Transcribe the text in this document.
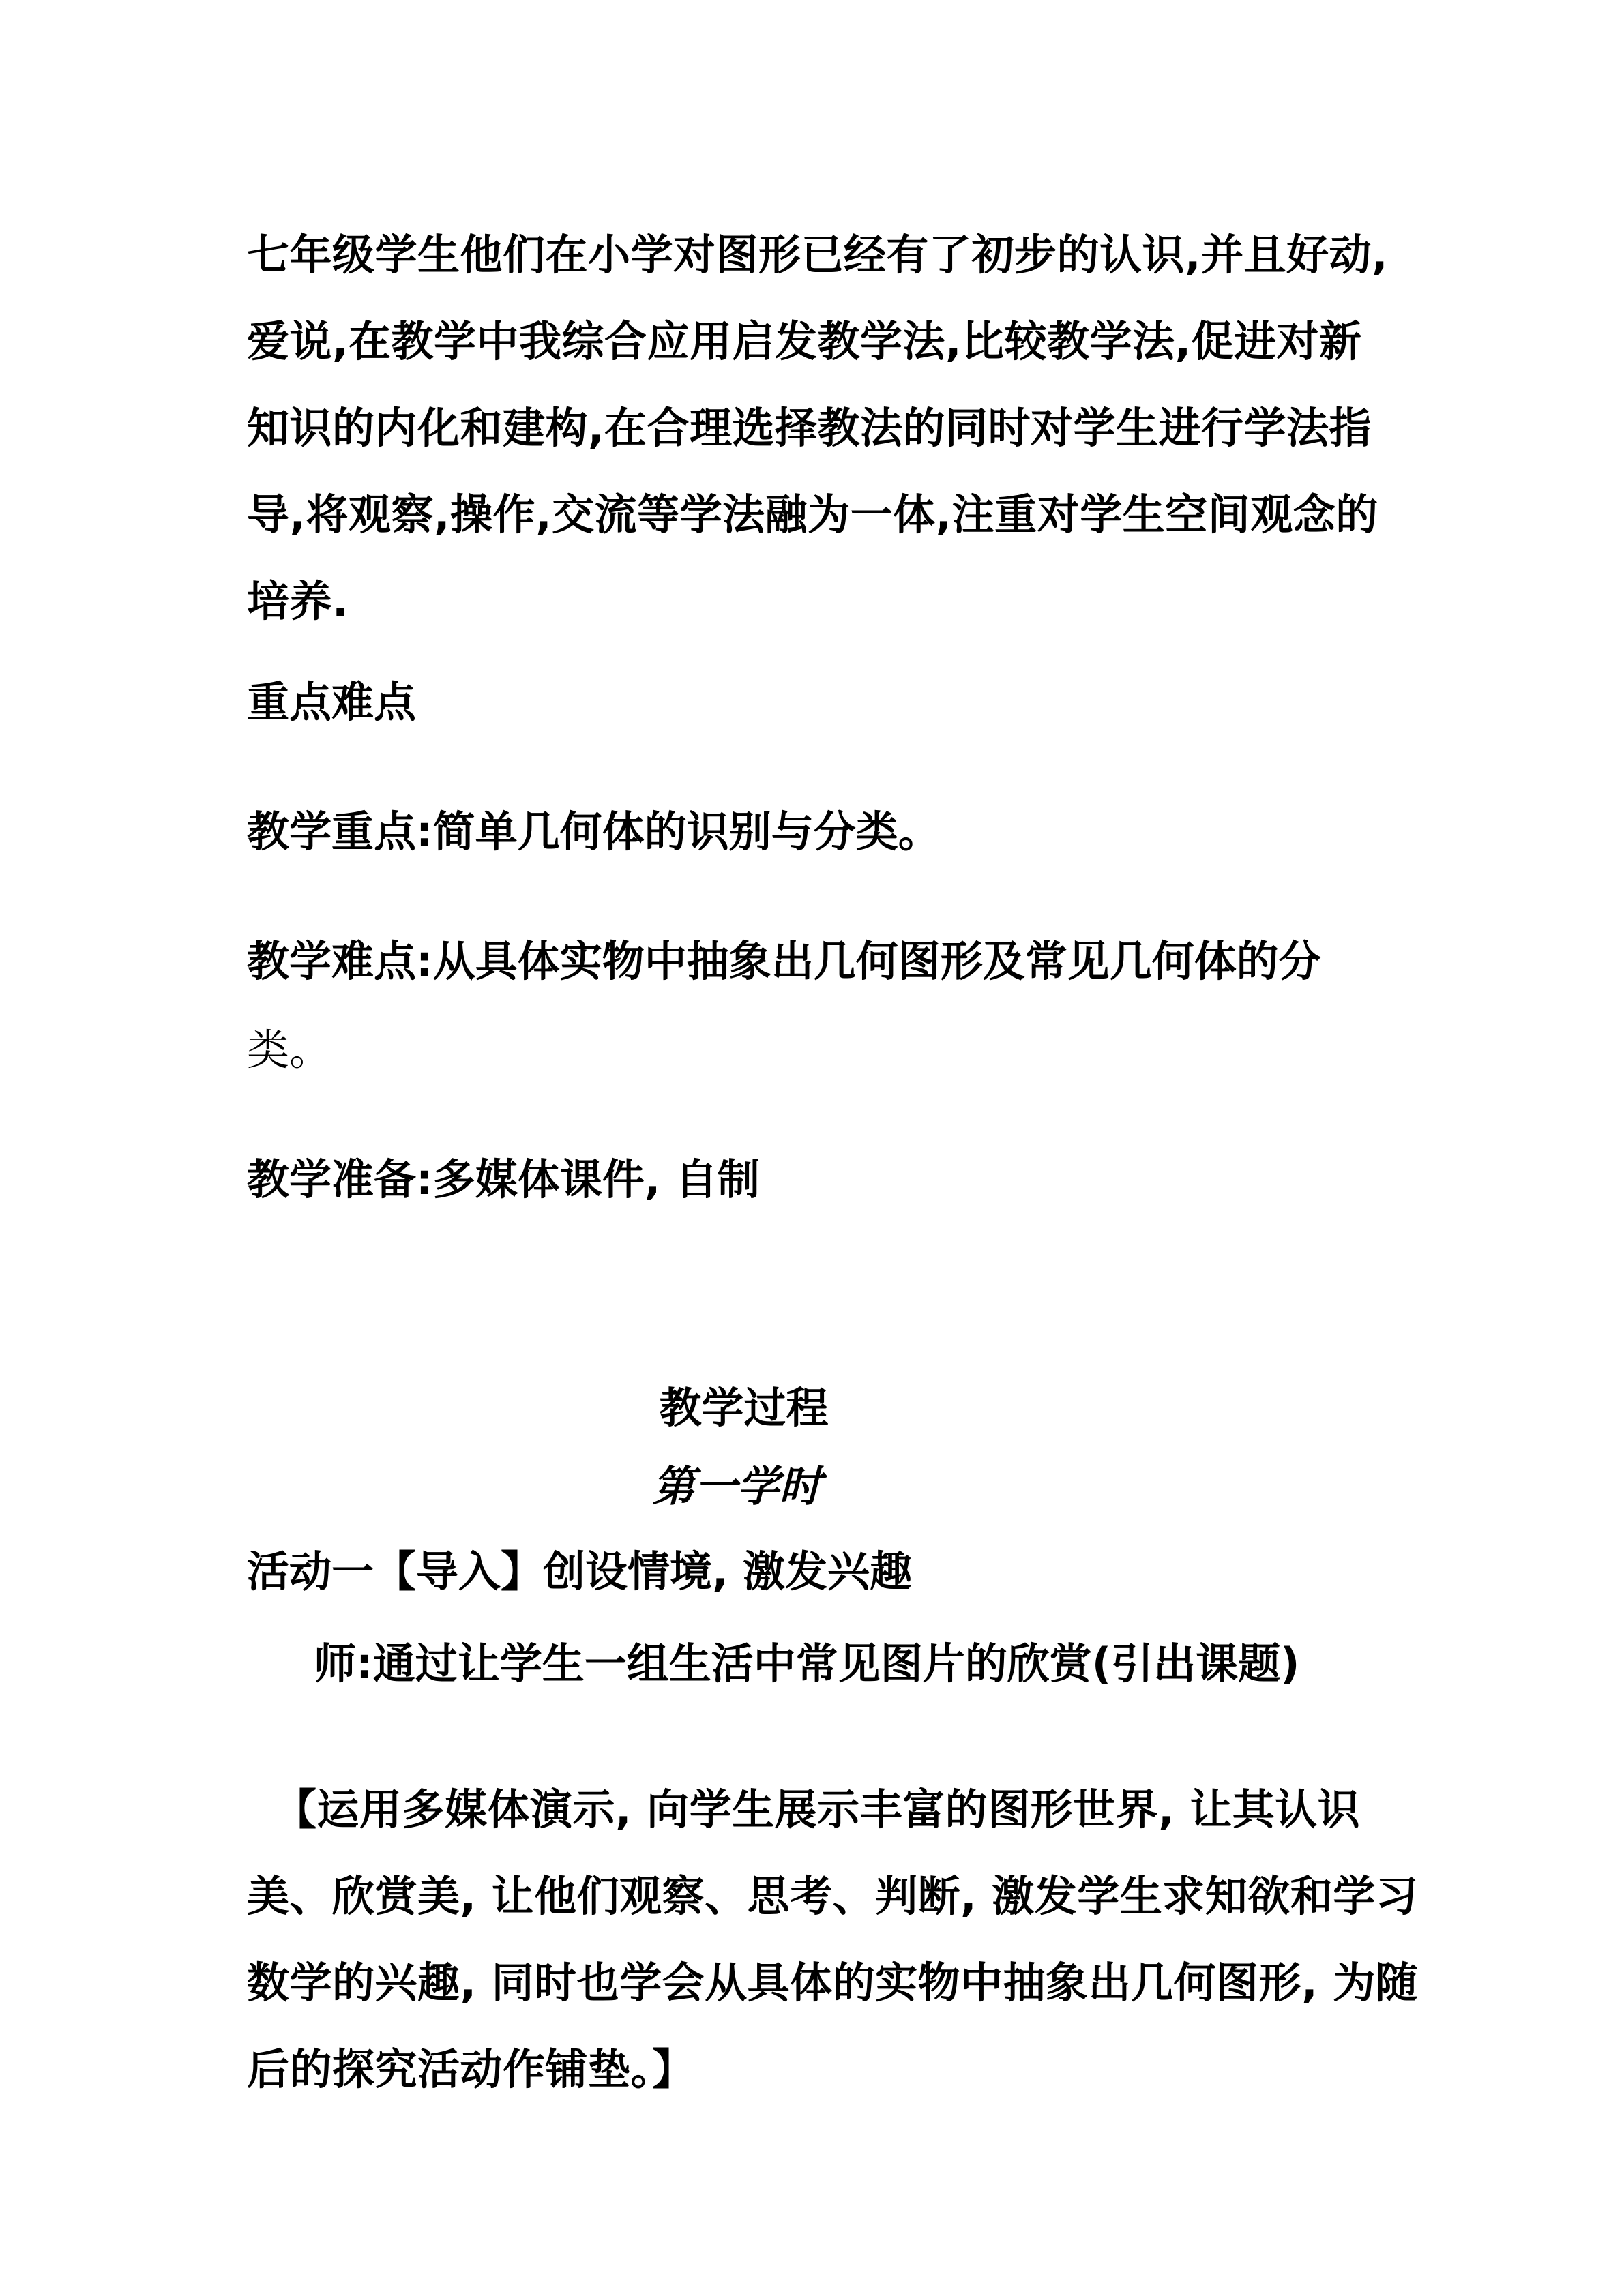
七年级学生他们在小学对图形已经有了初步的认识,并且好动,爱说,在教学中我综合应用启发教学法,比较教学法,促进对新知识的内化和建构,在合理选择教法的同时对学生进行学法指导,将观察,操作,交流等学法融为一体,注重对学生空间观念的培养.

重点难点

教学重点:简单几何体的识别与分类。

教学难点:从具体实物中抽象出几何图形及常见几何体的分

类。

教学准备:多媒体课件, 自制

教学过程

第一学时

活动一【导入】创设情境, 激发兴趣

师:通过让学生一组生活中常见图片的欣赏(引出课题)

【运用多媒体演示, 向学生展示丰富的图形世界, 让其认识美、欣赏美, 让他们观察、思考、判断, 激发学生求知欲和学习数学的兴趣, 同时也学会从具体的实物中抽象出几何图形, 为随后的探究活动作铺垫。】
